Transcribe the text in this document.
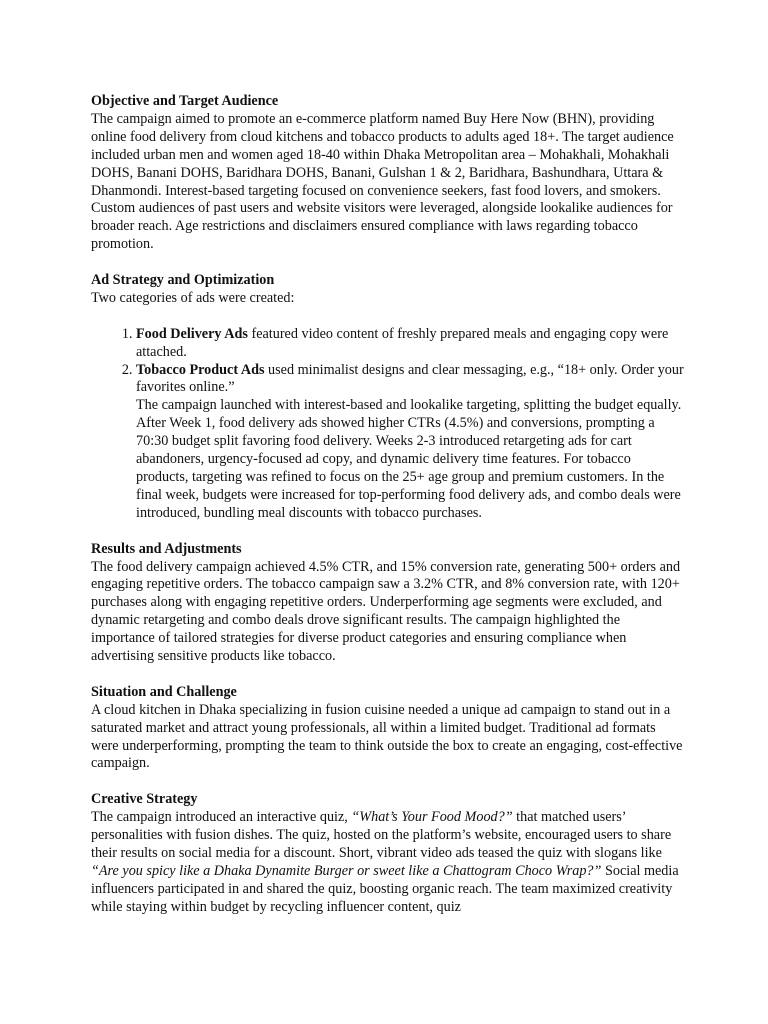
Objective and Target Audience

The campaign aimed to promote an e-commerce platform named Buy Here Now (BHN), providing online food delivery from cloud kitchens and tobacco products to adults aged 18+. The target audience included urban men and women aged 18-40 within Dhaka Metropolitan area – Mohakhali, Mohakhali DOHS, Banani DOHS, Baridhara DOHS, Banani, Gulshan 1 & 2, Baridhara, Bashundhara, Uttara & Dhanmondi. Interest-based targeting focused on convenience seekers, fast food lovers, and smokers. Custom audiences of past users and website visitors were leveraged, alongside lookalike audiences for broader reach. Age restrictions and disclaimers ensured compliance with laws regarding tobacco promotion.

Ad Strategy and Optimization

Two categories of ads were created:

1. Food Delivery Ads featured video content of freshly prepared meals and engaging copy were attached.
2. Tobacco Product Ads used minimalist designs and clear messaging, e.g., “18+ only. Order your favorites online.”
The campaign launched with interest-based and lookalike targeting, splitting the budget equally. After Week 1, food delivery ads showed higher CTRs (4.5%) and conversions, prompting a 70:30 budget split favoring food delivery. Weeks 2-3 introduced retargeting ads for cart abandoners, urgency-focused ad copy, and dynamic delivery time features. For tobacco products, targeting was refined to focus on the 25+ age group and premium customers. In the final week, budgets were increased for top-performing food delivery ads, and combo deals were introduced, bundling meal discounts with tobacco purchases.
Results and Adjustments

The food delivery campaign achieved 4.5% CTR, and 15% conversion rate, generating 500+ orders and engaging repetitive orders. The tobacco campaign saw a 3.2% CTR, and 8% conversion rate, with 120+ purchases along with engaging repetitive orders. Underperforming age segments were excluded, and dynamic retargeting and combo deals drove significant results. The campaign highlighted the importance of tailored strategies for diverse product categories and ensuring compliance when advertising sensitive products like tobacco.

Situation and Challenge

A cloud kitchen in Dhaka specializing in fusion cuisine needed a unique ad campaign to stand out in a saturated market and attract young professionals, all within a limited budget. Traditional ad formats were underperforming, prompting the team to think outside the box to create an engaging, cost-effective campaign.

Creative Strategy

The campaign introduced an interactive quiz, “What’s Your Food Mood?” that matched users’ personalities with fusion dishes. The quiz, hosted on the platform’s website, encouraged users to share their results on social media for a discount. Short, vibrant video ads teased the quiz with slogans like “Are you spicy like a Dhaka Dynamite Burger or sweet like a Chattogram Choco Wrap?” Social media influencers participated in and shared the quiz, boosting organic reach. The team maximized creativity while staying within budget by recycling influencer content, quiz
